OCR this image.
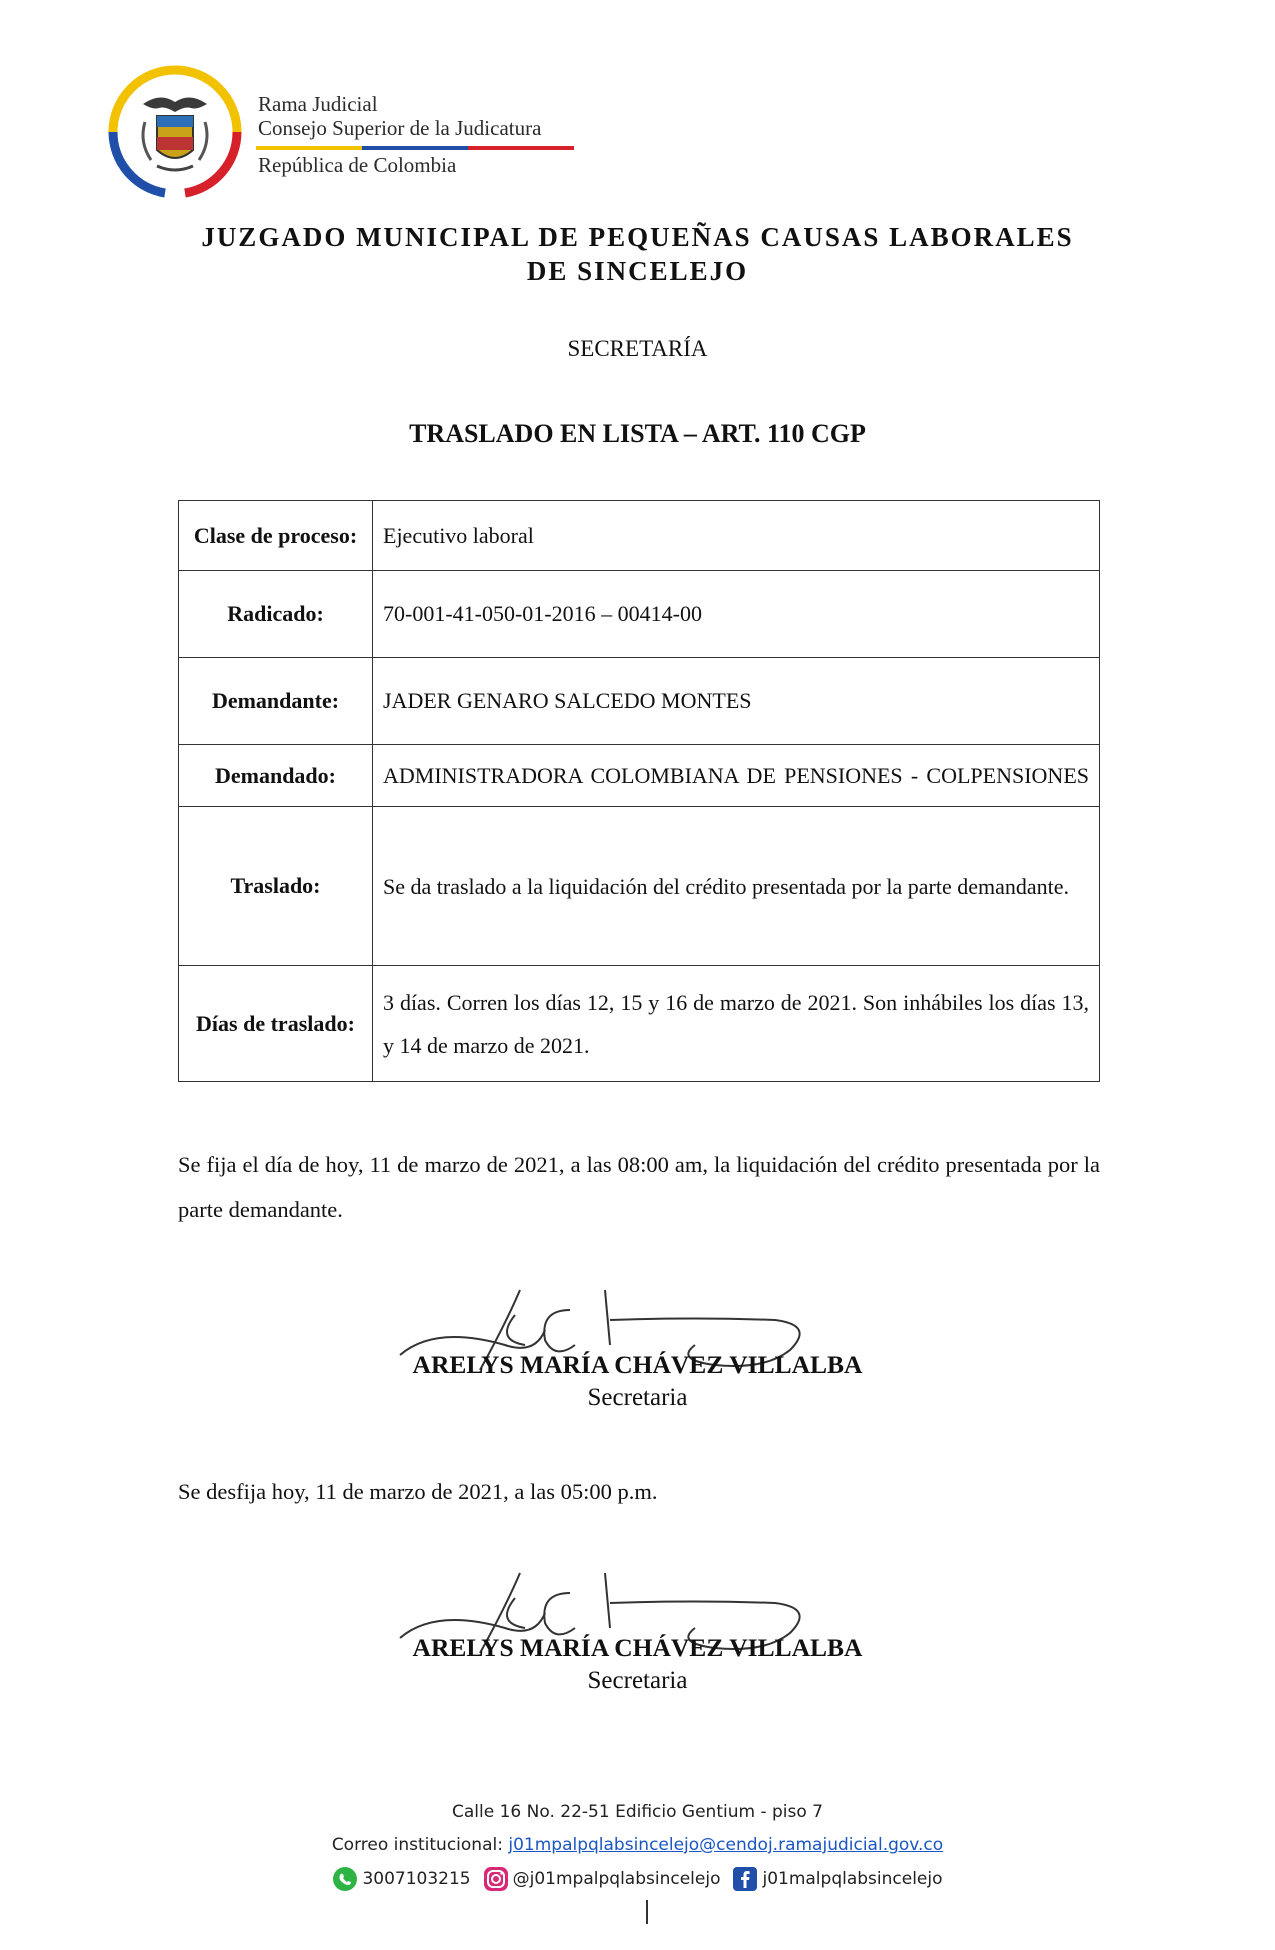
Rama Judicial
Consejo Superior de la Judicatura
República de Colombia
JUZGADO MUNICIPAL DE PEQUEÑAS CAUSAS LABORALES
DE SINCELEJO
SECRETARÍA
TRASLADO EN LISTA – ART. 110 CGP
Clase de proceso:	Ejecutivo laboral
Radicado:	70-001-41-050-01-2016 – 00414-00
Demandante:	JADER GENARO SALCEDO MONTES
Demandado:	ADMINISTRADORA COLOMBIANA DE PENSIONES - COLPENSIONES
Traslado:	Se da traslado a la liquidación del crédito presentada por la parte demandante.
Días de traslado:	3 días. Corren los días 12, 15 y 16 de marzo de 2021. Son inhábiles los días 13, y 14 de marzo de 2021.
Se fija el día de hoy, 11 de marzo de 2021, a las 08:00 am, la liquidación del crédito presentada por la parte demandante.
ARELYS MARÍA CHÁVEZ VILLALBA
Secretaria
Se desfija hoy, 11 de marzo de 2021, a las 05:00 p.m.
ARELYS MARÍA CHÁVEZ VILLALBA
Secretaria
Calle 16 No. 22-51 Edificio Gentium - piso 7
Correo institucional: j01mpalpqlabsincelejo@cendoj.ramajudicial.gov.co
3007103215 @j01mpalpqlabsincelejo j01malpqlabsincelejo
